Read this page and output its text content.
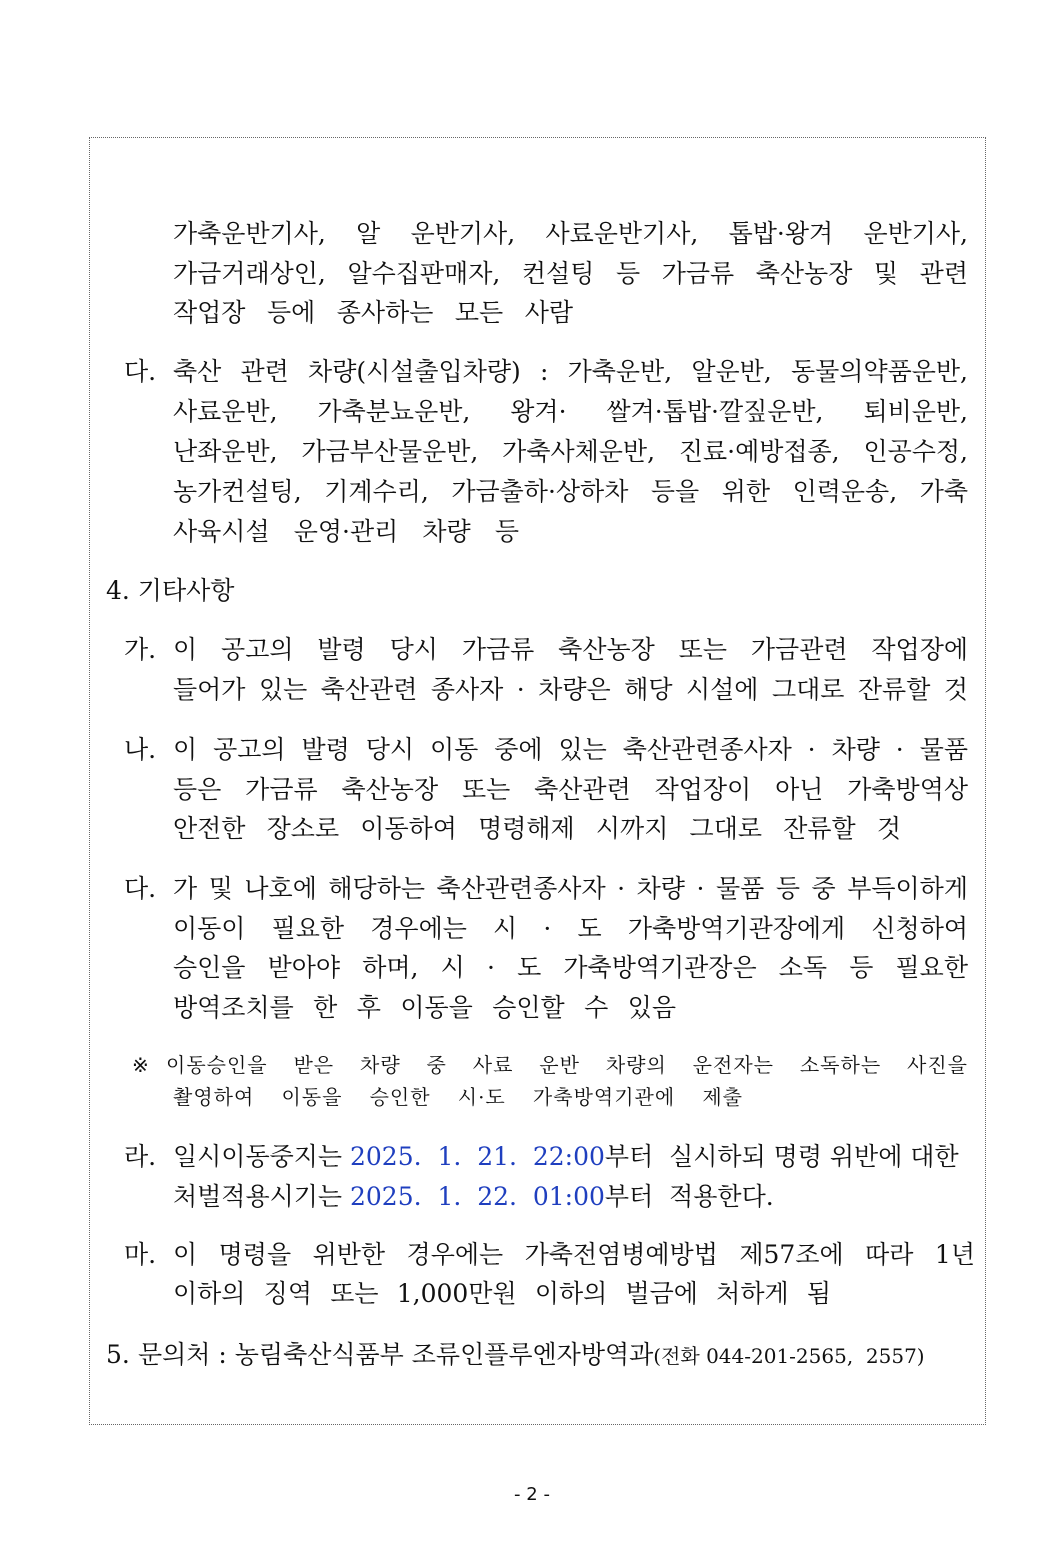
가축운반기사, 알 운반기사, 사료운반기사, 톱밥·왕겨 운반기사,
가금거래상인, 알수집판매자, 컨설팅 등 가금류 축산농장 및 관련
작업장 등에 종사하는 모든 사람
다. 축산 관련 차량(시설출입차량) : 가축운반, 알운반, 동물의약품운반,
사료운반, 가축분뇨운반, 왕겨· 쌀겨·톱밥·깔짚운반, 퇴비운반,
난좌운반, 가금부산물운반, 가축사체운반, 진료·예방접종, 인공수정,
농가컨설팅, 기계수리, 가금출하·상하차 등을 위한 인력운송, 가축
사육시설 운영·관리 차량 등
4. 기타사항
가. 이 공고의 발령 당시 가금류 축산농장 또는 가금관련 작업장에
들어가 있는 축산관련 종사자 · 차량은 해당 시설에 그대로 잔류할 것
나. 이 공고의 발령 당시 이동 중에 있는 축산관련종사자 · 차량 · 물품
등은 가금류 축산농장 또는 축산관련 작업장이 아닌 가축방역상
안전한 장소로 이동하여 명령해제 시까지 그대로 잔류할 것
다. 가 및 나호에 해당하는 축산관련종사자 · 차량 · 물품 등 중 부득이하게
이동이 필요한 경우에는 시 · 도 가축방역기관장에게 신청하여
승인을 받아야 하며, 시 · 도 가축방역기관장은 소독 등 필요한
방역조치를 한 후 이동을 승인할 수 있음
※ 이동승인을 받은 차량 중 사료 운반 차량의 운전자는 소독하는 사진을
촬영하여 이동을 승인한 시·도 가축방역기관에 제출
라. 일시이동중지는 2025.  1.  21.  22:00부터  실시하되 명령 위반에 대한
처벌적용시기는 2025.  1.  22.  01:00부터  적용한다.
마. 이 명령을 위반한 경우에는 가축전염병예방법 제57조에 따라 1년
이하의 징역 또는 1,000만원 이하의 벌금에 처하게 됨
5. 문의처 : 농림축산식품부 조류인플루엔자방역과(전화 044-201-2565,  2557)
- 2 -
